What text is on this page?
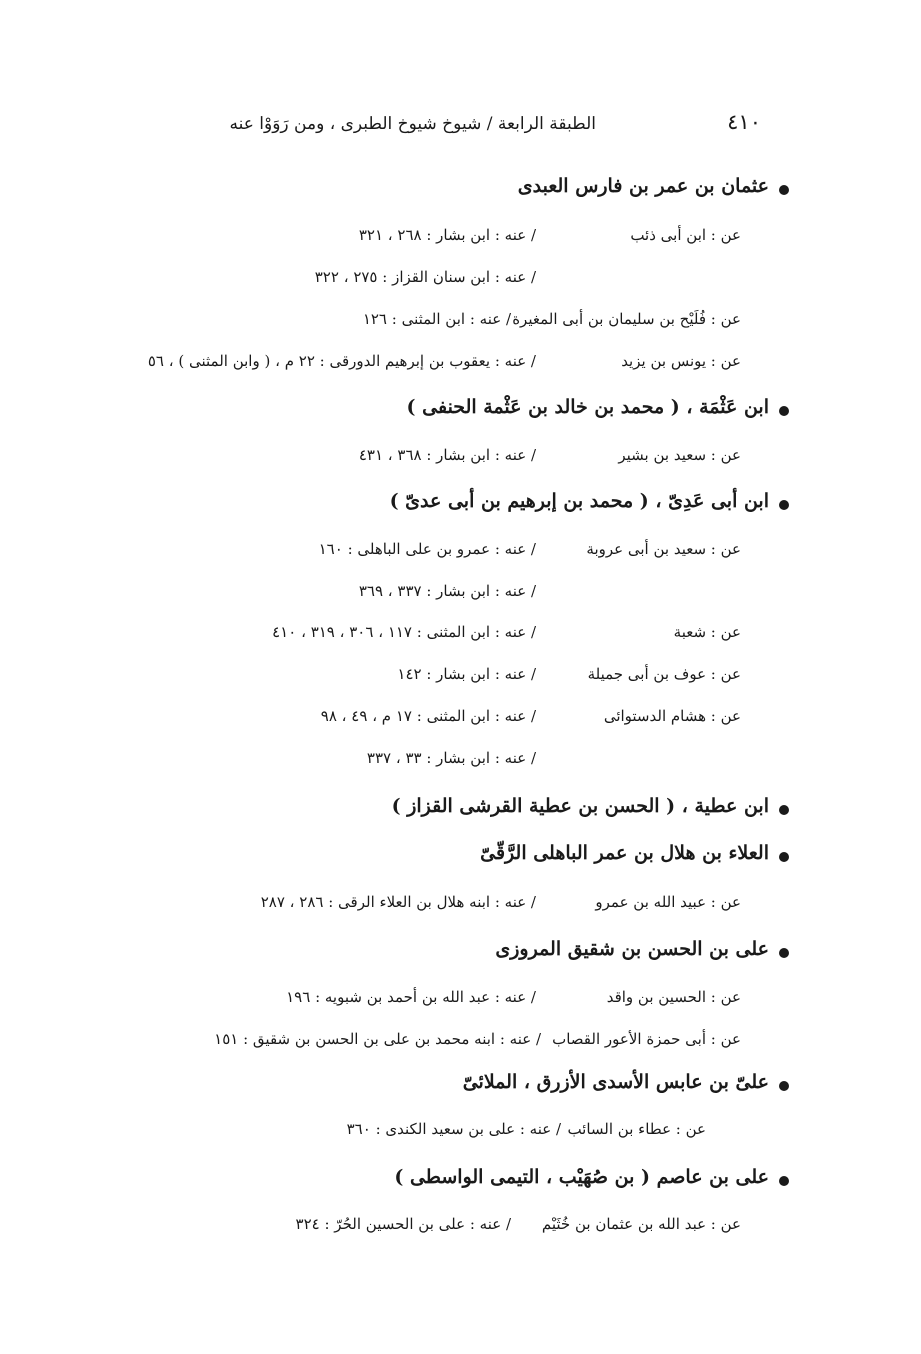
٤١٠
الطبقة الرابعة / شيوخ شيوخ الطبرى ، ومن رَوَوْا عنه
عثمان بن عمر بن فارس العبدى
عن : ابن أبى ذئب
/ عنه : ابن بشار : ٢٦٨ ، ٣٢١
/ عنه : ابن سنان القزاز : ٢٧٥ ، ٣٢٢
عن : فُلَيْح بن سليمان بن أبى المغيرة
/ عنه : ابن المثنى : ١٢٦
عن : يونس بن يزيد
/ عنه : يعقوب بن إبرهيم الدورقى : ٢٢ م ، ( وابن المثنى ) ، ٥٦
ابن عَثْمَة ، ( محمد بن خالد بن عَثْمة الحنفى )
عن : سعيد بن بشير
/ عنه : ابن بشار : ٣٦٨ ، ٤٣١
ابن أبى عَدِىّ ، ( محمد بن إبرهيم بن أبى عدىّ )
عن : سعيد بن أبى عروبة
/ عنه : عمرو بن على الباهلى : ١٦٠
/ عنه : ابن بشار : ٣٣٧ ، ٣٦٩
عن : شعبة
/ عنه : ابن المثنى : ١١٧ ، ٣٠٦ ، ٣١٩ ، ٤١٠
عن : عوف بن أبى جميلة
/ عنه : ابن بشار : ١٤٢
عن : هشام الدستوائى
/ عنه : ابن المثنى : ١٧ م ، ٤٩ ، ٩٨
/ عنه : ابن بشار : ٣٣ ، ٣٣٧
ابن عطية ، ( الحسن بن عطية القرشى القزاز )
العلاء بن هلال بن عمر الباهلى الرَّقّىّ
عن : عبيد الله بن عمرو
/ عنه : ابنه هلال بن العلاء الرقى : ٢٨٦ ، ٢٨٧
على بن الحسن بن شقيق المروزى
عن : الحسين بن واقد
/ عنه : عبد الله بن أحمد بن شبويه : ١٩٦
عن : أبى حمزة الأعور القصاب
/ عنه : ابنه محمد بن على بن الحسن بن شقيق : ١٥١
علىّ بن عابس الأسدى الأزرق ، الملائىّ
عن : عطاء بن السائب
/ عنه : على بن سعيد الكندى : ٣٦٠
على بن عاصم ( بن صُهَيْب ، التيمى الواسطى )
عن : عبد الله بن عثمان بن خُثَيْم
/ عنه : على بن الحسين الحُرّ : ٣٢٤
